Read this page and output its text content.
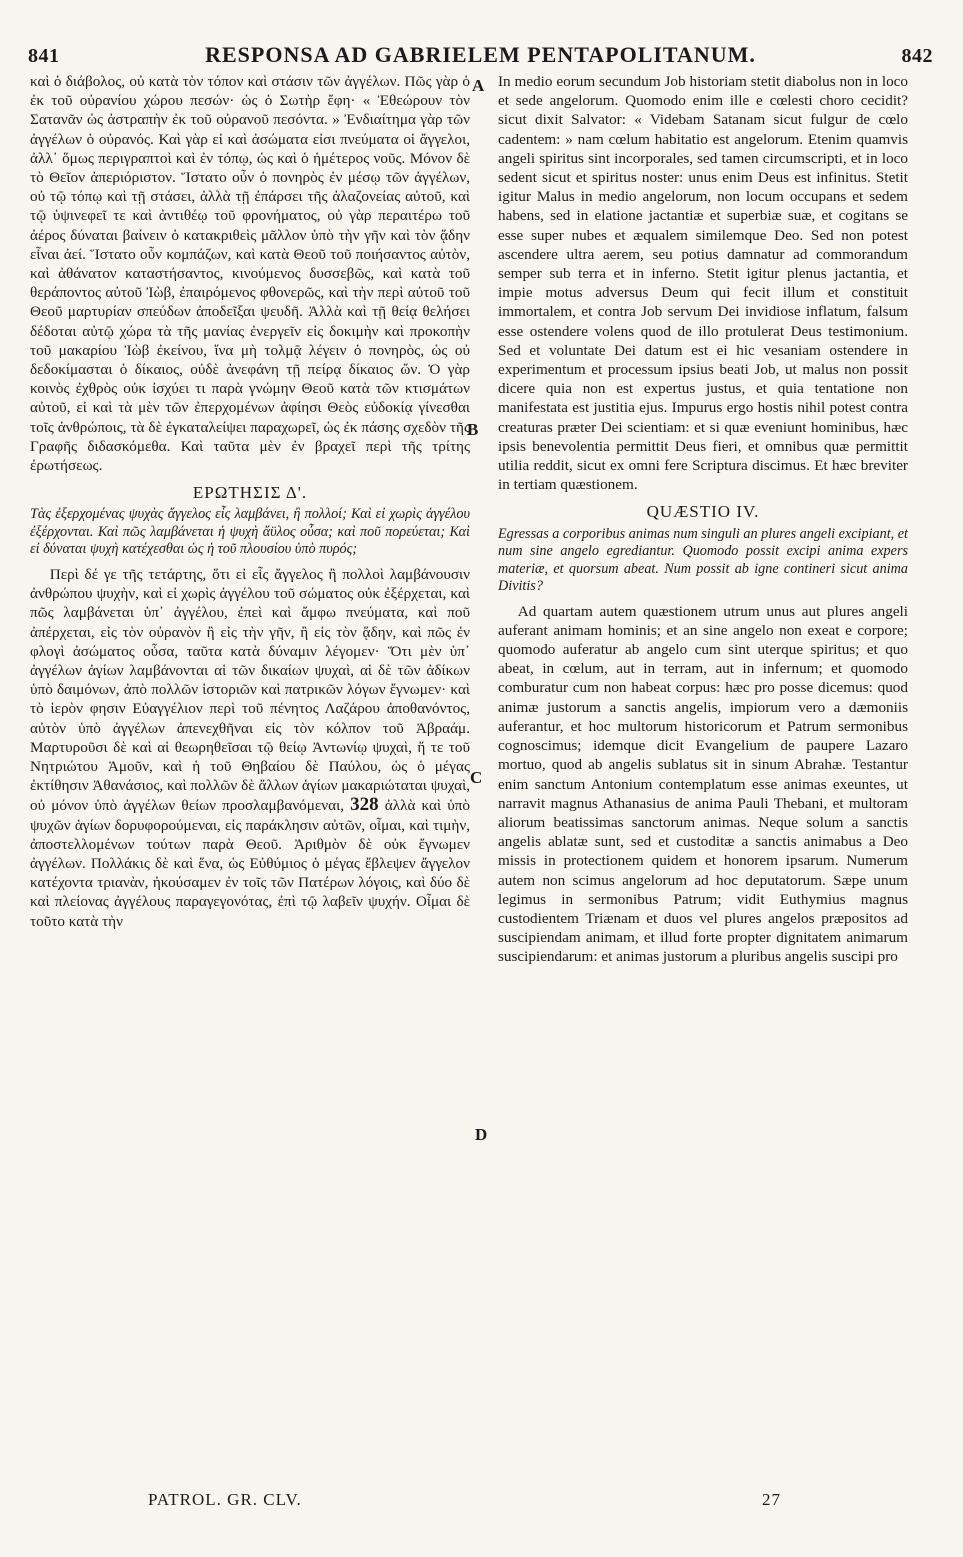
841	RESPONSA AD GABRIELEM PENTAPOLITANUM.	842

καὶ ὁ διάβολος, οὐ κατὰ τὸν τόπον καὶ στάσιν τῶν ἀγγέλων. Πῶς γὰρ ὁ ἐκ τοῦ οὐρανίου χώρου πεσών· ὡς ὁ Σωτὴρ ἔφη· « Ἐθεώρουν τὸν Σατανᾶν ὡς ἀστραπὴν ἐκ τοῦ οὐρανοῦ πεσόντα. » Ἐνδιαίτημα γὰρ τῶν ἀγγέλων ὁ οὐρανός. Καὶ γὰρ εἰ καὶ ἀσώματα εἰσι πνεύματα οἱ ἄγγελοι, ἀλλ᾽ ὅμως περιγραπτοὶ καὶ ἐν τόπῳ, ὡς καὶ ὁ ἡμέτερος νοῦς. Μόνον δὲ τὸ Θεῖον ἀπεριόριστον. Ἵστατο οὖν ὁ πονηρὸς ἐν μέσῳ τῶν ἀγγέλων, οὐ τῷ τόπῳ καὶ τῇ στάσει, ἀλλὰ τῇ ἐπάρσει τῆς ἀλαζονείας αὐτοῦ, καὶ τῷ ὑψινεφεῖ τε καὶ ἀντιθέῳ τοῦ φρονήματος, οὐ γὰρ περαιτέρω τοῦ ἀέρος δύναται βαίνειν ὁ κατακριθεὶς μᾶλλον ὑπὸ τὴν γῆν καὶ τὸν ᾅδην εἶναι ἀεί. Ἵστατο οὖν κομπάζων, καὶ κατὰ Θεοῦ τοῦ ποιήσαντος αὐτὸν, καὶ ἀθάνατον καταστήσαντος, κινούμενος δυσσεβῶς, καὶ κατὰ τοῦ θεράποντος αὐτοῦ Ἰὼβ, ἐπαιρόμενος φθονερῶς, καὶ τὴν περὶ αὐτοῦ τοῦ Θεοῦ μαρτυρίαν σπεύδων ἀποδεῖξαι ψευδῆ. Ἀλλὰ καὶ τῇ θείᾳ θελήσει δέδοται αὐτῷ χώρα τὰ τῆς μανίας ἐνεργεῖν εἰς δοκιμὴν καὶ προκοπὴν τοῦ μακαρίου Ἰὼβ ἐκείνου, ἵνα μὴ τολμᾷ λέγειν ὁ πονηρὸς, ὡς οὐ δεδοκίμασται ὁ δίκαιος, οὐδὲ ἀνεφάνη τῇ πείρᾳ δίκαιος ὤν. Ὁ γὰρ κοινὸς ἐχθρὸς οὐκ ἰσχύει τι παρὰ γνώμην Θεοῦ κατὰ τῶν κτισμάτων αὐτοῦ, εἰ καὶ τὰ μὲν τῶν ἐπερχομένων ἀφίησι Θεὸς εὐδοκίᾳ γίνεσθαι τοῖς ἀνθρώποις, τὰ δὲ ἐγκαταλείψει παραχωρεῖ, ὡς ἐκ πάσης σχεδὸν τῆς Γραφῆς διδασκόμεθα. Καὶ ταῦτα μὲν ἐν βραχεῖ περὶ τῆς τρίτης ἐρωτήσεως.

ΕΡΩΤΗΣΙΣ Δ'.

Τὰς ἐξερχομένας ψυχὰς ἄγγελος εἷς λαμβάνει, ἢ πολλοί; Καὶ εἰ χωρὶς ἀγγέλου ἐξέρχονται. Καὶ πῶς λαμβάνεται ἡ ψυχὴ ἄϋλος οὖσα; καὶ ποῦ πορεύεται; Καὶ εἰ δύναται ψυχὴ κατέχεσθαι ὡς ἡ τοῦ πλουσίου ὑπὸ πυρός;

Περὶ δέ γε τῆς τετάρτης, ὅτι εἰ εἷς ἄγγελος ἢ πολλοὶ λαμβάνουσιν ἀνθρώπου ψυχὴν, καὶ εἰ χωρὶς ἀγγέλου τοῦ σώματος οὐκ ἐξέρχεται, καὶ πῶς λαμβάνεται ὑπ᾽ ἀγγέλου, ἐπεὶ καὶ ἄμφω πνεύματα, καὶ ποῦ ἀπέρχεται, εἰς τὸν οὐρανὸν ἢ εἰς τὴν γῆν, ἢ εἰς τὸν ᾅδην, καὶ πῶς ἐν φλογὶ ἀσώματος οὖσα, ταῦτα κατὰ δύναμιν λέγομεν· Ὅτι μὲν ὑπ᾽ ἀγγέλων ἁγίων λαμβάνονται αἱ τῶν δικαίων ψυχαὶ, αἱ δὲ τῶν ἀδίκων ὑπὸ δαιμόνων, ἀπὸ πολλῶν ἱστοριῶν καὶ πατρικῶν λόγων ἔγνωμεν· καὶ τὸ ἱερὸν φησιν Εὐαγγέλιον περὶ τοῦ πένητος Λαζάρου ἀποθανόντος, αὐτὸν ὑπὸ ἀγγέλων ἀπενεχθῆναι εἰς τὸν κόλπον τοῦ Ἀβραάμ. Μαρτυροῦσι δὲ καὶ αἱ θεωρηθεῖσαι τῷ θείῳ Ἀντωνίῳ ψυχαὶ, ἥ τε τοῦ Νητριώτου Ἀμοῦν, καὶ ἡ τοῦ Θηβαίου δὲ Παύλου, ὡς ὁ μέγας ἐκτίθησιν Ἀθανάσιος, καὶ πολλῶν δὲ ἄλλων ἁγίων μακαριώταται ψυχαὶ, οὐ μόνον ὑπὸ ἀγγέλων θείων προσλαμβανόμεναι, 328 ἀλλὰ καὶ ὑπὸ ψυχῶν ἁγίων δορυφορούμεναι, εἰς παράκλησιν αὐτῶν, οἶμαι, καὶ τιμὴν, ἀποστελλομένων τούτων παρὰ Θεοῦ. Ἀριθμὸν δὲ οὐκ ἔγνωμεν ἀγγέλων. Πολλάκις δὲ καὶ ἕνα, ὡς Εὐθύμιος ὁ μέγας ἔβλεψεν ἄγγελον κατέχοντα τριανὰν, ἠκούσαμεν ἐν τοῖς τῶν Πατέρων λόγοις, καὶ δύο δὲ καὶ πλείονας ἀγγέλους παραγεγονότας, ἐπὶ τῷ λαβεῖν ψυχήν. Οἶμαι δὲ τοῦτο κατὰ τὴν

A
B
C
D

In medio eorum secundum Job historiam stetit diabolus non in loco et sede angelorum. Quomodo enim ille e cœlesti choro cecidit? sicut dixit Salvator: « Videbam Satanam sicut fulgur de cœlo cadentem: » nam cœlum habitatio est angelorum. Etenim quamvis angeli spiritus sint incorporales, sed tamen circumscripti, et in loco sedent sicut et spiritus noster: unus enim Deus est infinitus. Stetit igitur Malus in medio angelorum, non locum occupans et sedem habens, sed in elatione jactantiæ et superbiæ suæ, et cogitans se esse super nubes et æqualem similemque Deo. Sed non potest ascendere ultra aerem, seu potius damnatur ad commorandum semper sub terra et in inferno. Stetit igitur plenus jactantia, et impie motus adversus Deum qui fecit illum et constituit immortalem, et contra Job servum Dei invidiose inflatum, falsum esse ostendere volens quod de illo protulerat Deus testimonium. Sed et voluntate Dei datum est ei hic vesaniam ostendere in experimentum et processum ipsius beati Job, ut malus non possit dicere quia non est expertus justus, et quia tentatione non manifestata est justitia ejus. Impurus ergo hostis nihil potest contra creaturas præter Dei scientiam: et si quæ eveniunt hominibus, hæc ipsis benevolentia permittit Deus fieri, et omnibus quæ permittit utilia reddit, sicut ex omni fere Scriptura discimus. Et hæc breviter in tertiam quæstionem.

QUÆSTIO IV.

Egressas a corporibus animas num singuli an plures angeli excipiant, et num sine angelo egrediantur. Quomodo possit excipi anima expers materiæ, et quorsum abeat. Num possit ab igne contineri sicut anima Divitis?

Ad quartam autem quæstionem utrum unus aut plures angeli auferant animam hominis; et an sine angelo non exeat e corpore; quomodo auferatur ab angelo cum sint uterque spiritus; et quo abeat, in cœlum, aut in terram, aut in infernum; et quomodo comburatur cum non habeat corpus: hæc pro posse dicemus: quod animæ justorum a sanctis angelis, impiorum vero a dæmoniis auferantur, et hoc multorum historicorum et Patrum sermonibus cognoscimus; idemque dicit Evangelium de paupere Lazaro mortuo, quod ab angelis sublatus sit in sinum Abrahæ. Testantur enim sanctum Antonium contemplatum esse animas exeuntes, ut narravit magnus Athanasius de anima Pauli Thebani, et multoram aliorum beatissimas sanctorum animas. Neque solum a sanctis angelis ablatæ sunt, sed et custoditæ a sanctis animabus a Deo missis in protectionem quidem et honorem ipsarum. Numerum autem non scimus angelorum ad hoc deputatorum. Sæpe unum legimus in sermonibus Patrum; vidit Euthymius magnus custodientem Triænam et duos vel plures angelos præpositos ad suscipiendam animam, et illud forte propter dignitatem animarum suscipiendarum: et animas justorum a pluribus angelis suscipi pro

PATROL. GR. CLV.	27
